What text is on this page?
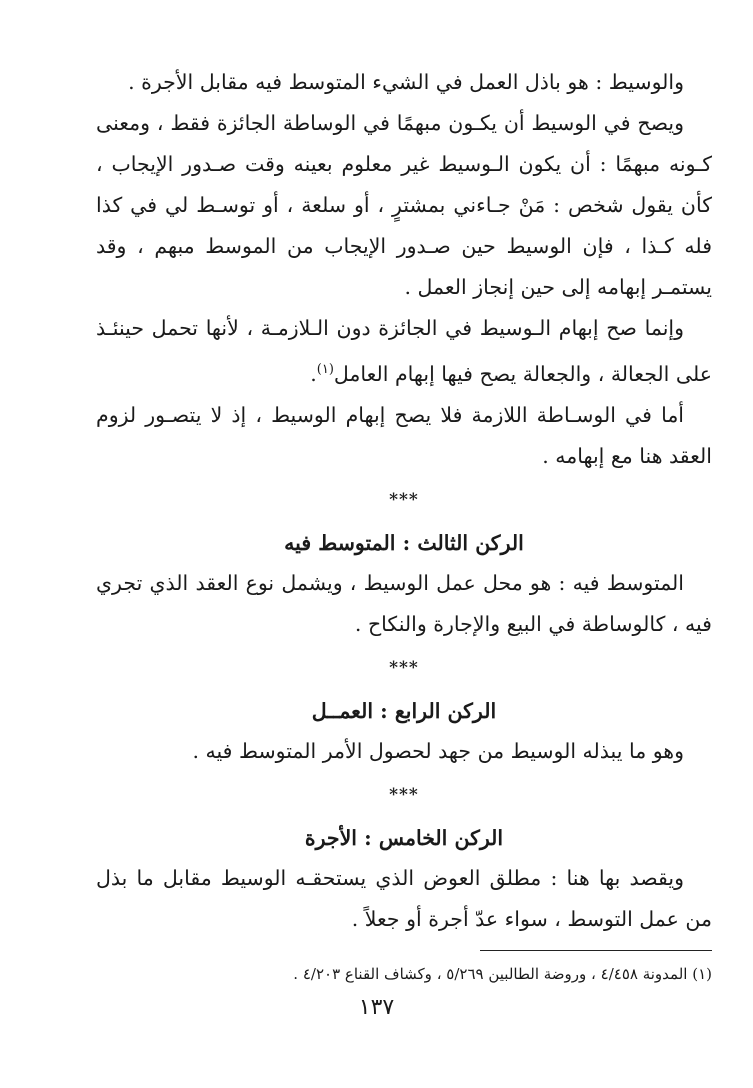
والوسيط : هو باذل العمل في الشيء المتوسط فيه مقابل الأجرة .

ويصح في الوسيط أن يكـون مبهمًا في الوساطة الجائزة فقط ، ومعنى كـونه مبهمًا : أن يكون الـوسيط غير معلوم بعينه وقت صـدور الإيجاب ، كأن يقول شخص : مَنْ جـاءني بمشترٍ ، أو سلعة ، أو توسـط لي في كذا فله كـذا ، فإن الوسيط حين صـدور الإيجاب من الموسط مبهم ، وقد يستمـر إبهامه إلى حين إنجاز العمل .

وإنما صح إبهام الـوسيط في الجائزة دون الـلازمـة ، لأنها تحمل حينئـذ على الجعالة ، والجعالة يصح فيها إبهام العامل$^{(١)}$.

أما في الوسـاطة اللازمة فلا يصح إبهام الوسيط ، إذ لا يتصـور لزوم العقد هنا مع إبهامه .

***

الركن الثالث : المتوسط فيه

المتوسط فيه : هو محل عمل الوسيط ، ويشمل نوع العقد الذي تجري فيه ، كالوساطة في البيع والإجارة والنكاح .

***

الركن الرابع : العمــل

وهو ما يبذله الوسيط من جهد لحصول الأمر المتوسط فيه .

***

الركن الخامس : الأجرة

ويقصد بها هنا : مطلق العوض الذي يستحقـه الوسيط مقابل ما بذل من عمل التوسط ، سواء عدّ أجرة أو جعلاً .

(١) المدونة ٤/٤٥٨ ، وروضة الطالبين ٥/٢٦٩ ، وكشاف القناع ٤/٢٠٣ .

١٣٧
